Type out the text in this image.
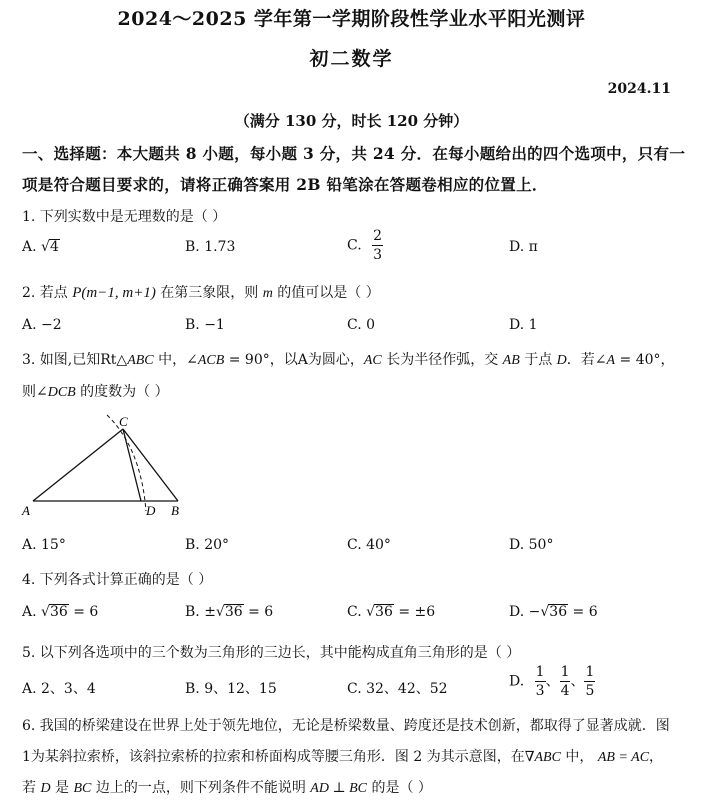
2024～2025 学年第一学期阶段性学业水平阳光测评
初二数学
2024.11
（满分 130 分，时长 120 分钟）
一、选择题：本大题共 8 小题，每小题 3 分，共 24 分．在每小题给出的四个选项中，只有一
项是符合题目要求的，请将正确答案用 2B 铅笔涂在答题卷相应的位置上．
1. 下列实数中是无理数的是（ ）
A. √4	B. 1.73	C. $\frac{2}{3}$	D. π
2. 若点 P(m−1, m+1) 在第三象限，则 m 的值可以是（ ）
A. −2	B. −1	C. 0	D. 1
3. 如图,已知Rt△ABC 中，∠ACB = 90°，以A为圆心，AC 长为半径作弧，交 AB 于点 D．若∠A = 40°，
则∠DCB 的度数为（ ）
C
A	D B
A. 15°	B. 20°	C. 40°	D. 50°
4. 下列各式计算正确的是（ ）
A. √36 = 6	B. ±√36 = 6	C. √36 = ±6	D. −√36 = 6
5. 以下列各选项中的三个数为三角形的三边长，其中能构成直角三角形的是（ ）
A. 2、3、4	B. 9、12、15	C. 32、42、52	D. $\frac{1}{3}$ 、 $\frac{1}{4}$ 、 $\frac{1}{5}$
6. 我国的桥梁建设在世界上处于领先地位，无论是桥梁数量、跨度还是技术创新，都取得了显著成就．图
1为某斜拉索桥，该斜拉索桥的拉索和桥面构成等腰三角形．图 2 为其示意图，在∇ABC 中， AB = AC，
若 D 是 BC 边上的一点，则下列条件不能说明 AD ⊥ BC 的是（ ）
